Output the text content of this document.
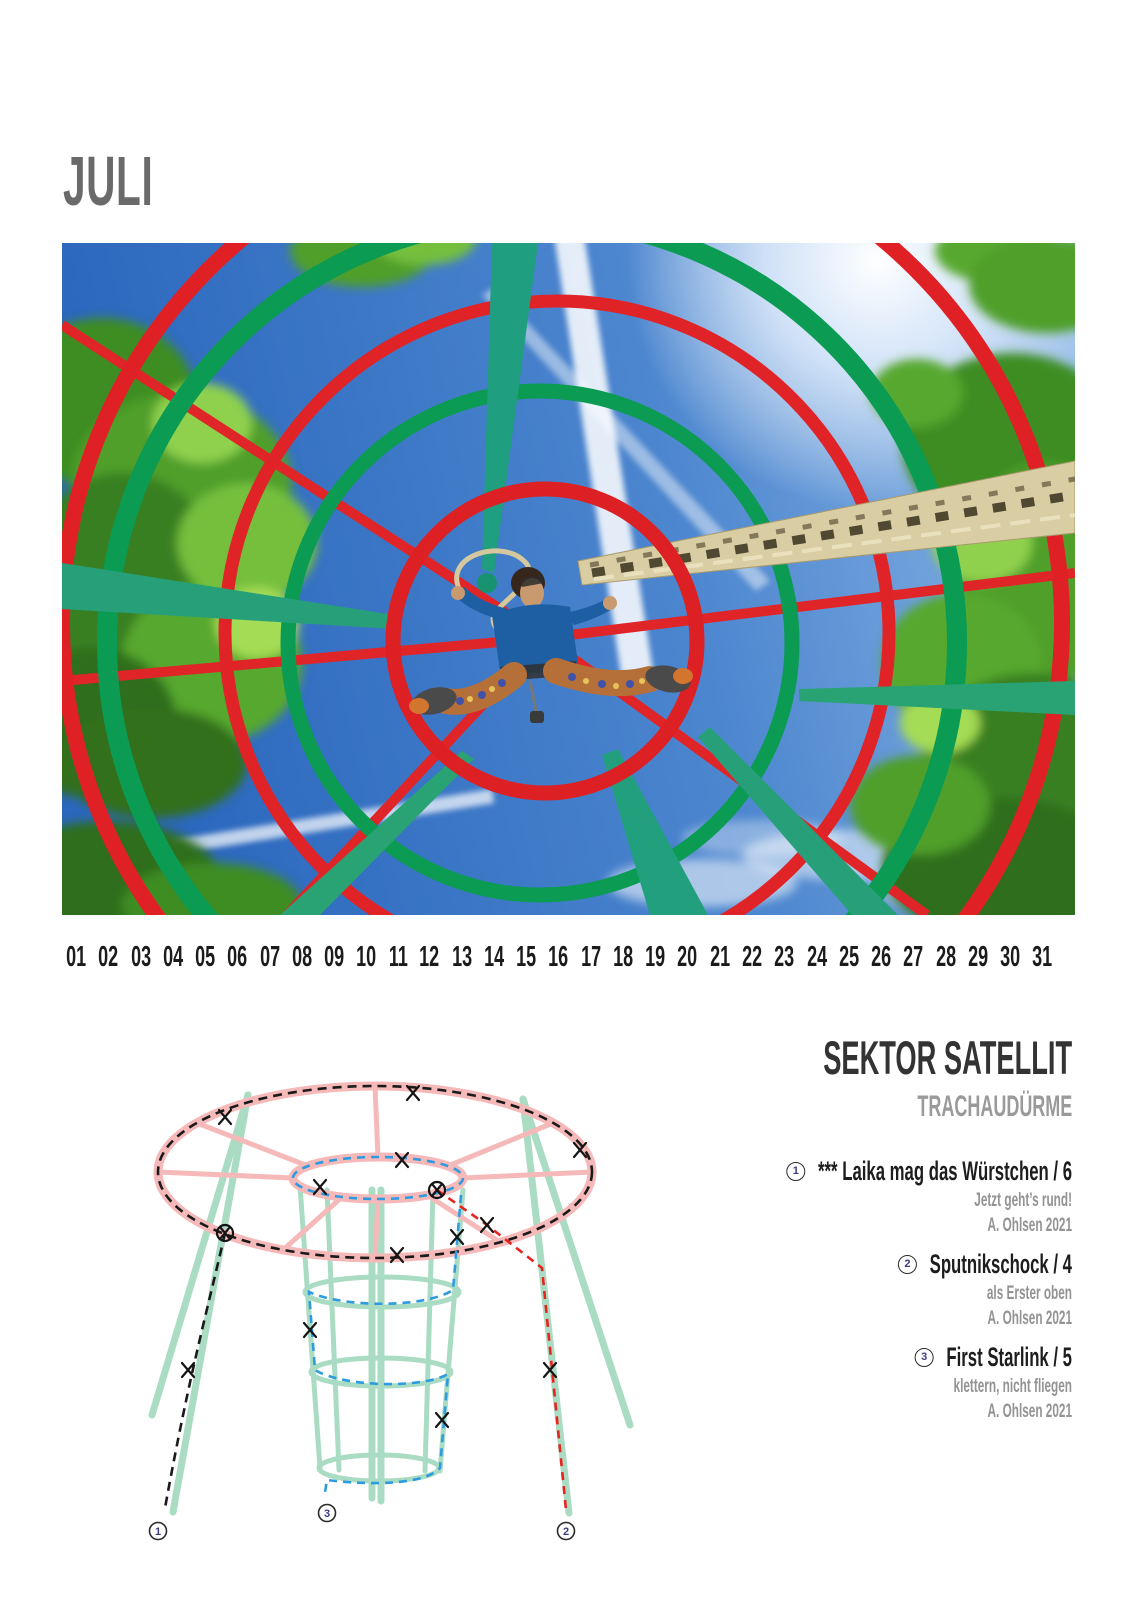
JULI
01 02 03 04 05 06 07 08 09 10 11 12 13 14 15 16 17 18 19 20 21 22 23 24 25 26 27 28 29 30 31
1	2
3
SEKTOR SATELLIT
TRACHAUDÜRME
1 *** Laika mag das Würstchen / 6
Jetzt geht’s rund!
A. Ohlsen 2021
2 Sputnikschock / 4
als Erster oben
A. Ohlsen 2021
3 First Starlink / 5
klettern, nicht fliegen
A. Ohlsen 2021
